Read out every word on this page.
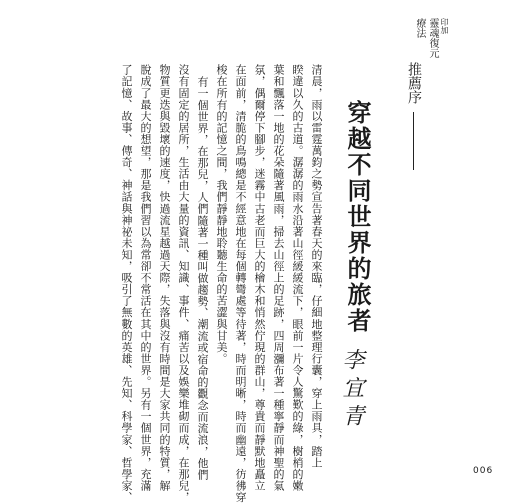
印加
靈魂復元
療法
推薦序
穿越不同世界的旅者
清晨，雨以雷霆萬鈞之勢宣告著春天的來臨，仔細地整理行囊，穿上雨具，踏上
睽違以久的古道。潺潺的雨水沿著山徑緩緩流下，眼前一片令人驚歎的綠，樹梢的嫩
葉和飄落一地的花朵隨著風雨，掃去山徑上的足跡，四周瀰布著一種寧靜而神聖的氣
氛，偶爾停下腳步，迷霧中古老而巨大的檜木和悄然佇現的群山，尊貴而靜默地矗立
在面前，清脆的鳥鳴總是不經意地在每個轉彎處等待著，時而明晰，時而幽遠，彷彿穿
梭在所有的記憶之間，我們靜靜地聆聽生命的苦澀與甘美。
有一個世界，在那兒，人們隨著一種叫做趨勢、潮流或宿命的觀念而流浪，他們
沒有固定的居所，生活由大量的資訊、知識、事件、痛苦以及娛樂堆砌而成，在那兒，
物質更迭與毀壞的速度，快過流星越過天際，失落與沒有時間是大家共同的特質，解
脫成了最大的想望，那是我們習以為常卻不常活在其中的世界。另有一個世界，充滿
了記憶、故事、傳奇、神話與神祕未知，吸引了無數的英雄、先知、科學家、哲學家、	李宜青
006
